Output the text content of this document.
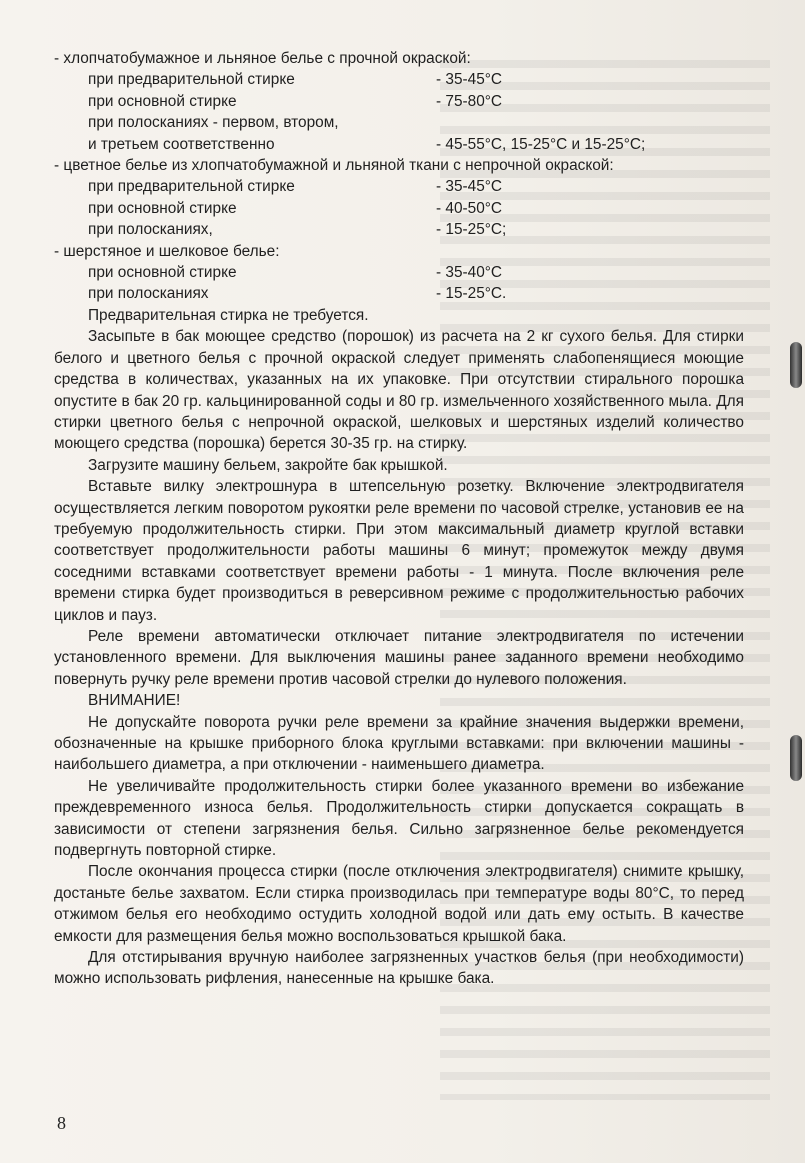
- хлопчатобумажное и льняное белье с прочной окраской:
при предварительной стирке	- 35-45°C
при основной стирке	- 75-80°C
при полосканиях - первом, втором,
и третьем соответственно	- 45-55°C, 15-25°C и 15-25°C;
- цветное белье из хлопчатобумажной и льняной ткани с непрочной окраской:
при предварительной стирке	- 35-45°C
при основной стирке	- 40-50°C
при полосканиях,	- 15-25°C;
- шерстяное и шелковое белье:
при основной стирке	- 35-40°C
при полосканиях	- 15-25°C.

Предварительная стирка не требуется.

Засыпьте в бак моющее средство (порошок) из расчета на 2 кг сухого белья. Для стирки белого и цветного белья с прочной окраской следует применять слабопенящиеся моющие средства в количествах, указанных на их упаковке. При отсутствии стирального порошка опустите в бак 20 гр. кальцинированной соды и 80 гр. измельченного хозяйственного мыла. Для стирки цветного белья с непрочной окраской, шелковых и шерстяных изделий количество моющего средства (порошка) берется 30-35 гр. на стирку.

Загрузите машину бельем, закройте бак крышкой.

Вставьте вилку электрошнура в штепсельную розетку. Включение электродвигателя осуществляется легким поворотом рукоятки реле времени по часовой стрелке, установив ее на требуемую продолжительность стирки. При этом максимальный диаметр круглой вставки соответствует продолжительности работы машины 6 минут; промежуток между двумя соседними вставками соответствует времени работы - 1 минута. После включения реле времени стирка будет производиться в реверсивном режиме с продолжительностью рабочих циклов и пауз.

Реле времени автоматически отключает питание электродвигателя по истечении установленного времени. Для выключения машины ранее заданного времени необходимо повернуть ручку реле времени против часовой стрелки до нулевого положения.

ВНИМАНИЕ!

Не допускайте поворота ручки реле времени за крайние значения выдержки времени, обозначенные на крышке приборного блока круглыми вставками: при включении машины - наибольшего диаметра, а при отключении - наименьшего диаметра.

Не увеличивайте продолжительность стирки более указанного времени во избежание преждевременного износа белья. Продолжительность стирки допускается сокращать в зависимости от степени загрязнения белья. Сильно загрязненное белье рекомендуется подвергнуть повторной стирке.

После окончания процесса стирки (после отключения электродвигателя) снимите крышку, достаньте белье захватом. Если стирка производилась при температуре воды 80°C, то перед отжимом белья его необходимо остудить холодной водой или дать ему остыть. В качестве емкости для размещения белья можно воспользоваться крышкой бака.

Для отстирывания вручную наиболее загрязненных участков белья (при необходимости) можно использовать рифления, нанесенные на крышке бака.

8
